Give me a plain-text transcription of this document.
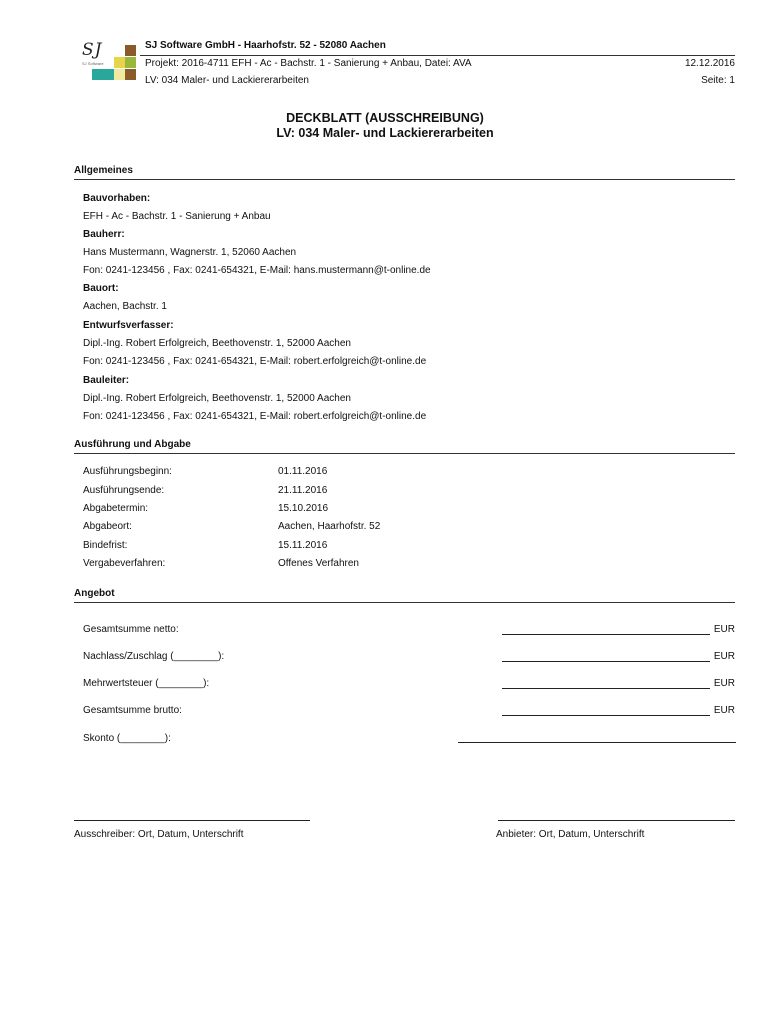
SJ
SJ Software
SJ Software GmbH - Haarhofstr. 52 - 52080 Aachen
Projekt: 2016-4711 EFH - Ac - Bachstr. 1 - Sanierung + Anbau, Datei: AVA	12.12.2016
LV: 034 Maler- und Lackiererarbeiten	Seite: 1
DECKBLATT (AUSSCHREIBUNG)
LV: 034 Maler- und Lackiererarbeiten
Allgemeines
Bauvorhaben:
EFH - Ac - Bachstr. 1 - Sanierung + Anbau
Bauherr:
Hans Mustermann, Wagnerstr. 1, 52060 Aachen
Fon: 0241-123456 , Fax: 0241-654321, E-Mail: hans.mustermann@t-online.de
Bauort:
Aachen, Bachstr. 1
Entwurfsverfasser:
Dipl.-Ing. Robert Erfolgreich, Beethovenstr. 1, 52000 Aachen
Fon: 0241-123456 , Fax: 0241-654321, E-Mail: robert.erfolgreich@t-online.de
Bauleiter:
Dipl.-Ing. Robert Erfolgreich, Beethovenstr. 1, 52000 Aachen
Fon: 0241-123456 , Fax: 0241-654321, E-Mail: robert.erfolgreich@t-online.de
Ausführung und Abgabe
Ausführungsbeginn:	01.11.2016
Ausführungsende:	21.11.2016
Abgabetermin:	15.10.2016
Abgabeort:	Aachen, Haarhofstr. 52
Bindefrist:	15.11.2016
Vergabeverfahren:	Offenes Verfahren
Angebot
Gesamtsumme netto:	EUR
Nachlass/Zuschlag (________):	EUR
Mehrwertsteuer (________):	EUR
Gesamtsumme brutto:	EUR
Skonto (________):
Ausschreiber: Ort, Datum, Unterschrift	Anbieter: Ort, Datum, Unterschrift
